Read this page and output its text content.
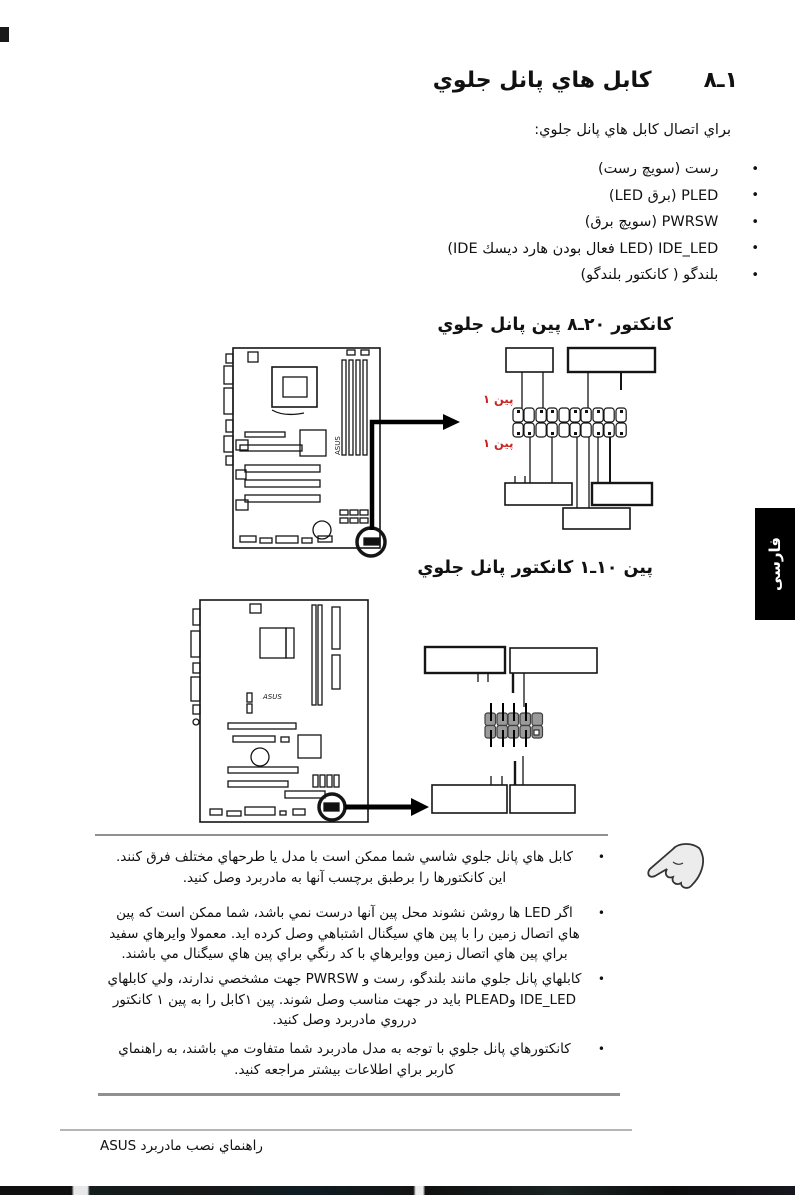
۱ـ۸
كابل هاي پانل جلوي
براي اتصال كابل هاي پانل جلوي:
•
رست (سويچ رست)
•
PLED (برق LED)
•
PWRSW (سويچ برق)
•
IDE_LED (LED فعال بودن هارد ديسك IDE)
•
بلندگو ( كانكتور بلندگو)
كانكتور ۲۰ـ۸ پين پانل جلوي
ASUS
پين ۱
پين ۱
پين ۱۰ـ۱ كانكتور پانل جلوي
ASUS
فارسی
•

كابل هاي پانل جلوي شاسي شما ممكن است با مدل يا طرحهاي مختلف فرق كنند. اين كانكتورها را برطبق برچسب آنها به مادربرد وصل كنيد.

•

اگر LED ها روشن نشوند محل پين آنها درست نمي باشد، شما ممكن است كه پين هاي اتصال زمين را با پين هاي سيگنال اشتباهي وصل كرده ايد. معمولا وايرهاي سفيد براي پين هاي اتصال زمين ووايرهاي با كد رنگي براي پين هاي سيگنال مي باشند.

•

كابلهاي پانل جلوي مانند بلندگو، رست و PWRSW جهت مشخصي ندارند، ولي كابلهاي IDE_LED وPLEAD بايد در جهت مناسب وصل شوند. پين ۱كابل را به پين ۱ كانكتور درروي مادربرد وصل كنيد.

•

كانكتورهاي پانل جلوي با توجه به مدل مادربرد شما متفاوت مي باشند، به راهنماي كاربر براي اطلاعات بيشتر مراجعه كنيد.

راهنماي نصب مادربرد ASUS
